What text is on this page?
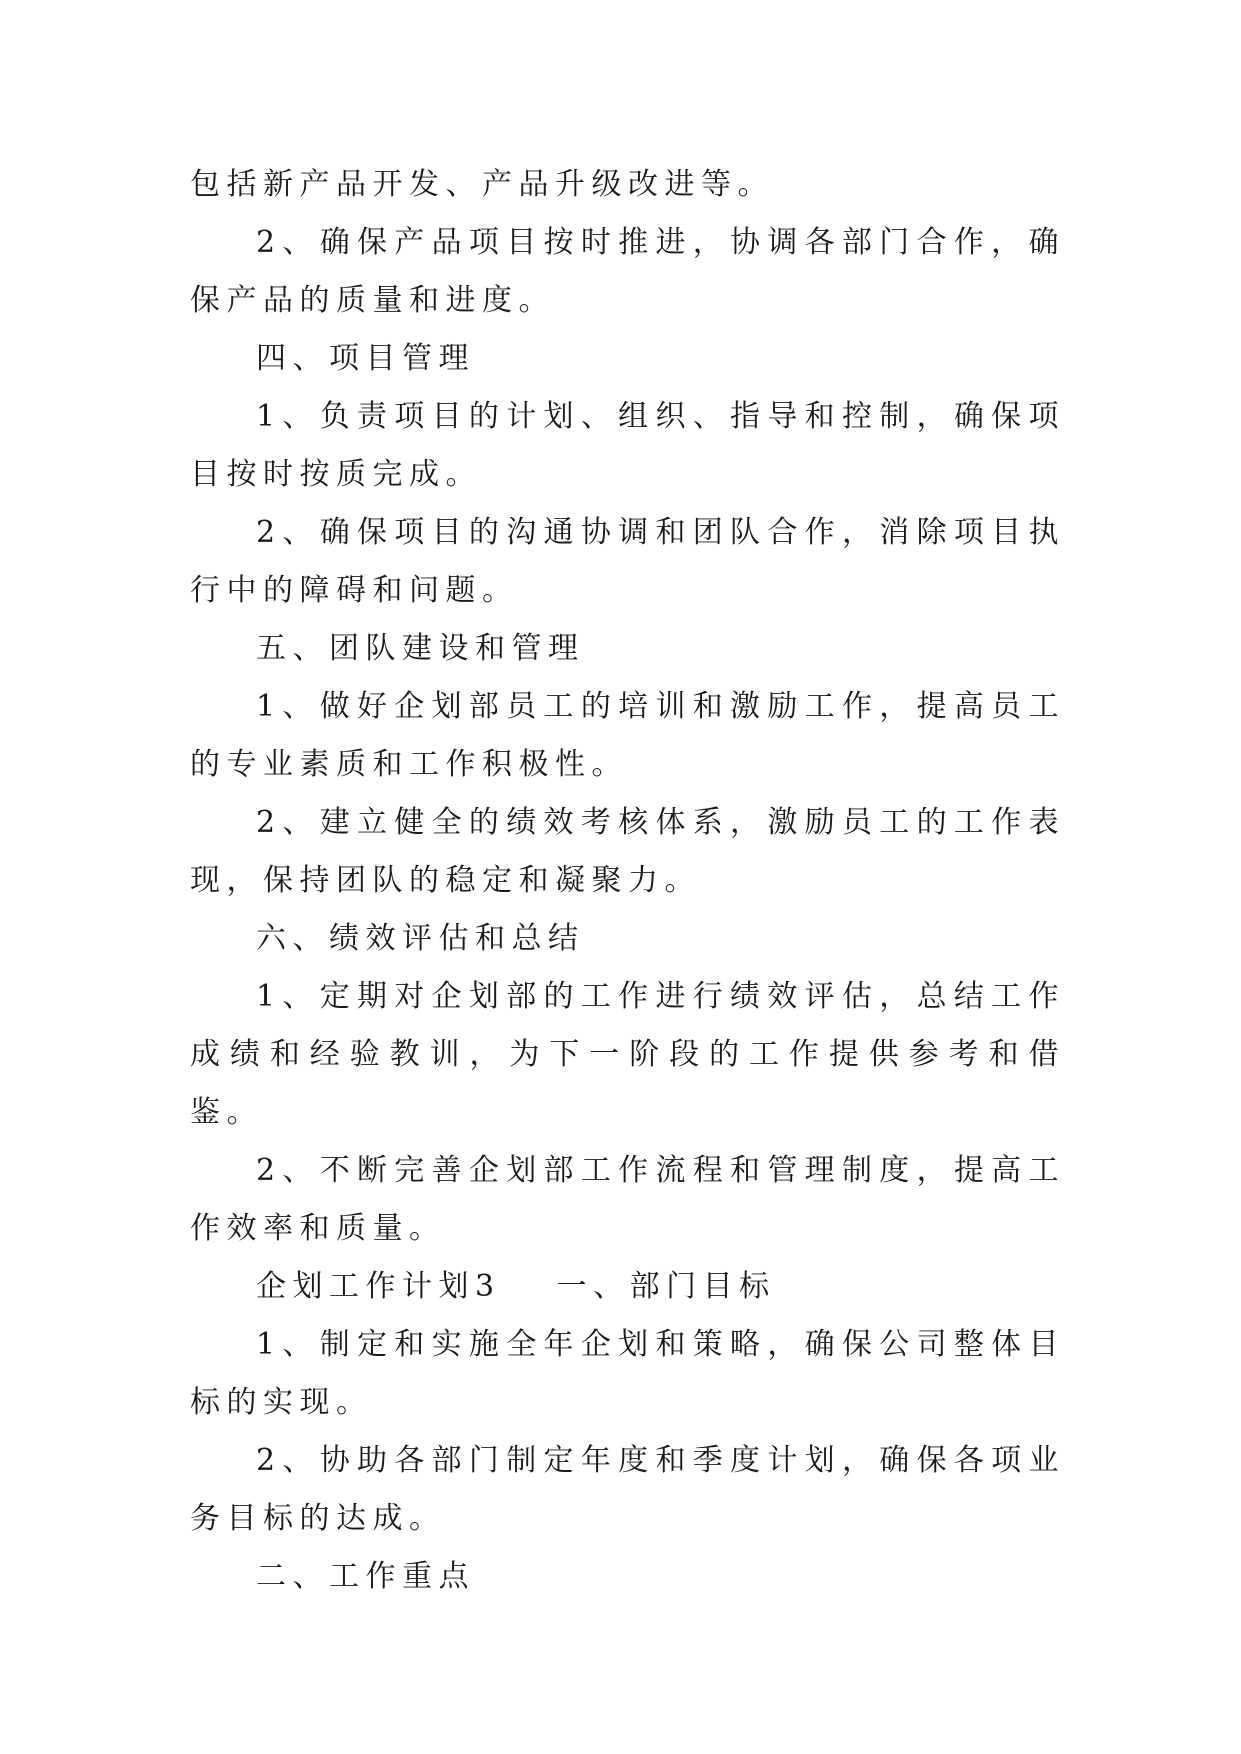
包括新产品开发、产品升级改进等。

2、确保产品项目按时推进，协调各部门合作，确保产品的质量和进度。

四、项目管理

1、负责项目的计划、组织、指导和控制，确保项目按时按质完成。

2、确保项目的沟通协调和团队合作，消除项目执行中的障碍和问题。

五、团队建设和管理

1、做好企划部员工的培训和激励工作，提高员工的专业素质和工作积极性。

2、建立健全的绩效考核体系，激励员工的工作表现，保持团队的稳定和凝聚力。

六、绩效评估和总结

1、定期对企划部的工作进行绩效评估，总结工作成绩和经验教训，为下一阶段的工作提供参考和借鉴。

2、不断完善企划部工作流程和管理制度，提高工作效率和质量。

企划工作计划3 一、部门目标

1、制定和实施全年企划和策略，确保公司整体目标的实现。

2、协助各部门制定年度和季度计划，确保各项业务目标的达成。

二、工作重点
